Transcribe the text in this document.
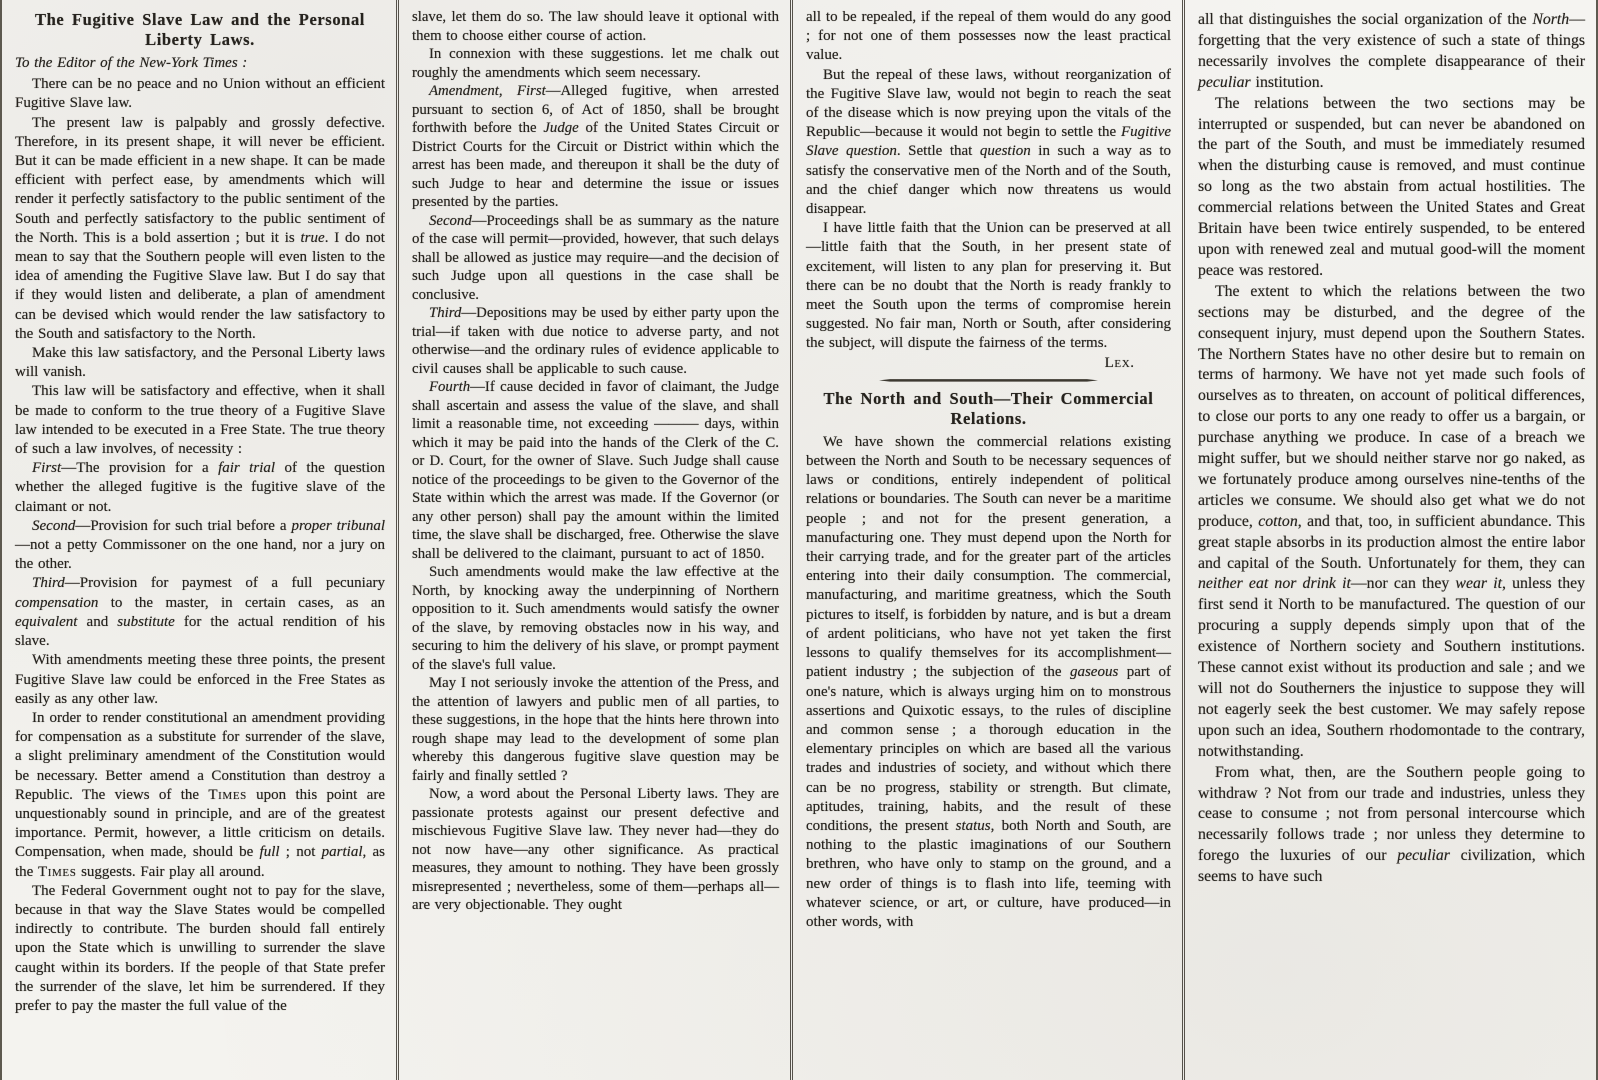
The Fugitive Slave Law and the Personal Liberty Laws.
To the Editor of the New-York Times :
There can be no peace and no Union without an efficient Fugitive Slave law.
The present law is palpably and grossly defective. Therefore, in its present shape, it will never be efficient. But it can be made efficient in a new shape. It can be made efficient with perfect ease, by amendments which will render it perfectly satisfactory to the public sentiment of the South and perfectly satisfactory to the public sentiment of the North. This is a bold assertion ; but it is true. I do not mean to say that the Southern people will even listen to the idea of amending the Fugitive Slave law. But I do say that if they would listen and deliberate, a plan of amendment can be devised which would render the law satisfactory to the South and satisfactory to the North.
Make this law satisfactory, and the Personal Liberty laws will vanish.
This law will be satisfactory and effective, when it shall be made to conform to the true theory of a Fugitive Slave law intended to be executed in a Free State. The true theory of such a law involves, of necessity :
First—The provision for a fair trial of the question whether the alleged fugitive is the fugitive slave of the claimant or not.
Second—Provision for such trial before a proper tribunal—not a petty Commissoner on the one hand, nor a jury on the other.
Third—Provision for paymest of a full pecuniary compensation to the master, in certain cases, as an equivalent and substitute for the actual rendition of his slave.
With amendments meeting these three points, the present Fugitive Slave law could be enforced in the Free States as easily as any other law.
In order to render constitutional an amendment providing for compensation as a substitute for surrender of the slave, a slight preliminary amendment of the Constitution would be necessary. Better amend a Constitution than destroy a Republic. The views of the Times upon this point are unquestionably sound in principle, and are of the greatest importance. Permit, however, a little criticism on details. Compensation, when made, should be full ; not partial, as the Times suggests. Fair play all around.
The Federal Government ought not to pay for the slave, because in that way the Slave States would be compelled indirectly to contribute. The burden should fall entirely upon the State which is unwilling to surrender the slave caught within its borders. If the people of that State prefer the surrender of the slave, let him be surrendered. If they prefer to pay the master the full value of the
slave, let them do so. The law should leave it optional with them to choose either course of action.
In connexion with these suggestions. let me chalk out roughly the amendments which seem necessary.
Amendment, First—Alleged fugitive, when arrested pursuant to section 6, of Act of 1850, shall be brought forthwith before the Judge of the United States Circuit or District Courts for the Circuit or District within which the arrest has been made, and thereupon it shall be the duty of such Judge to hear and determine the issue or issues presented by the parties.
Second—Proceedings shall be as summary as the nature of the case will permit—provided, however, that such delays shall be allowed as justice may require—and the decision of such Judge upon all questions in the case shall be conclusive.
Third—Depositions may be used by either party upon the trial—if taken with due notice to adverse party, and not otherwise—and the ordinary rules of evidence applicable to civil causes shall be applicable to such cause.
Fourth—If cause decided in favor of claimant, the Judge shall ascertain and assess the value of the slave, and shall limit a reasonable time, not exceeding ——— days, within which it may be paid into the hands of the Clerk of the C. or D. Court, for the owner of Slave. Such Judge shall cause notice of the proceedings to be given to the Governor of the State within which the arrest was made. If the Governor (or any other person) shall pay the amount within the limited time, the slave shall be discharged, free. Otherwise the slave shall be delivered to the claimant, pursuant to act of 1850.
Such amendments would make the law effective at the North, by knocking away the underpinning of Northern opposition to it. Such amendments would satisfy the owner of the slave, by removing obstacles now in his way, and securing to him the delivery of his slave, or prompt payment of the slave's full value.
May I not seriously invoke the attention of the Press, and the attention of lawyers and public men of all parties, to these suggestions, in the hope that the hints here thrown into rough shape may lead to the development of some plan whereby this dangerous fugitive slave question may be fairly and finally settled ?
Now, a word about the Personal Liberty laws. They are passionate protests against our present defective and mischievous Fugitive Slave law. They never had—they do not now have—any other significance. As practical measures, they amount to nothing. They have been grossly misrepresented ; nevertheless, some of them—perhaps all—are very objectionable. They ought
all to be repealed, if the repeal of them would do any good ; for not one of them possesses now the least practical value.
But the repeal of these laws, without reorganization of the Fugitive Slave law, would not begin to reach the seat of the disease which is now preying upon the vitals of the Republic—because it would not begin to settle the Fugitive Slave question. Settle that question in such a way as to satisfy the conservative men of the North and of the South, and the chief danger which now threatens us would disappear.
I have little faith that the Union can be preserved at all—little faith that the South, in her present state of excitement, will listen to any plan for preserving it. But there can be no doubt that the North is ready frankly to meet the South upon the terms of compromise herein suggested. No fair man, North or South, after considering the subject, will dispute the fairness of the terms.
Lex.
The North and South—Their Commercial Relations.
We have shown the commercial relations existing between the North and South to be necessary sequences of laws or conditions, entirely independent of political relations or boundaries. The South can never be a maritime people ; and not for the present generation, a manufacturing one. They must depend upon the North for their carrying trade, and for the greater part of the articles entering into their daily consumption. The commercial, manufacturing, and maritime greatness, which the South pictures to itself, is forbidden by nature, and is but a dream of ardent politicians, who have not yet taken the first lessons to qualify themselves for its accomplishment—patient industry ; the subjection of the gaseous part of one's nature, which is always urging him on to monstrous assertions and Quixotic essays, to the rules of discipline and common sense ; a thorough education in the elementary principles on which are based all the various trades and industries of society, and without which there can be no progress, stability or strength. But climate, aptitudes, training, habits, and the result of these conditions, the present status, both North and South, are nothing to the plastic imaginations of our Southern brethren, who have only to stamp on the ground, and a new order of things is to flash into life, teeming with whatever science, or art, or culture, have produced—in other words, with
all that distinguishes the social organization of the North—forgetting that the very existence of such a state of things necessarily involves the complete disappearance of their peculiar institution.
The relations between the two sections may be interrupted or suspended, but can never be abandoned on the part of the South, and must be immediately resumed when the disturbing cause is removed, and must continue so long as the two abstain from actual hostilities. The commercial relations between the United States and Great Britain have been twice entirely suspended, to be entered upon with renewed zeal and mutual good-will the moment peace was restored.
The extent to which the relations between the two sections may be disturbed, and the degree of the consequent injury, must depend upon the Southern States. The Northern States have no other desire but to remain on terms of harmony. We have not yet made such fools of ourselves as to threaten, on account of political differences, to close our ports to any one ready to offer us a bargain, or purchase anything we produce. In case of a breach we might suffer, but we should neither starve nor go naked, as we fortunately produce among ourselves nine-tenths of the articles we consume. We should also get what we do not produce, cotton, and that, too, in sufficient abundance. This great staple absorbs in its production almost the entire labor and capital of the South. Unfortunately for them, they can neither eat nor drink it—nor can they wear it, unless they first send it North to be manufactured. The question of our procuring a supply depends simply upon that of the existence of Northern society and Southern institutions. These cannot exist without its production and sale ; and we will not do Southerners the injustice to suppose they will not eagerly seek the best customer. We may safely repose upon such an idea, Southern rhodomontade to the contrary, notwithstanding.
From what, then, are the Southern people going to withdraw ? Not from our trade and industries, unless they cease to consume ; not from personal intercourse which necessarily follows trade ; nor unless they determine to forego the luxuries of our peculiar civilization, which seems to have such
